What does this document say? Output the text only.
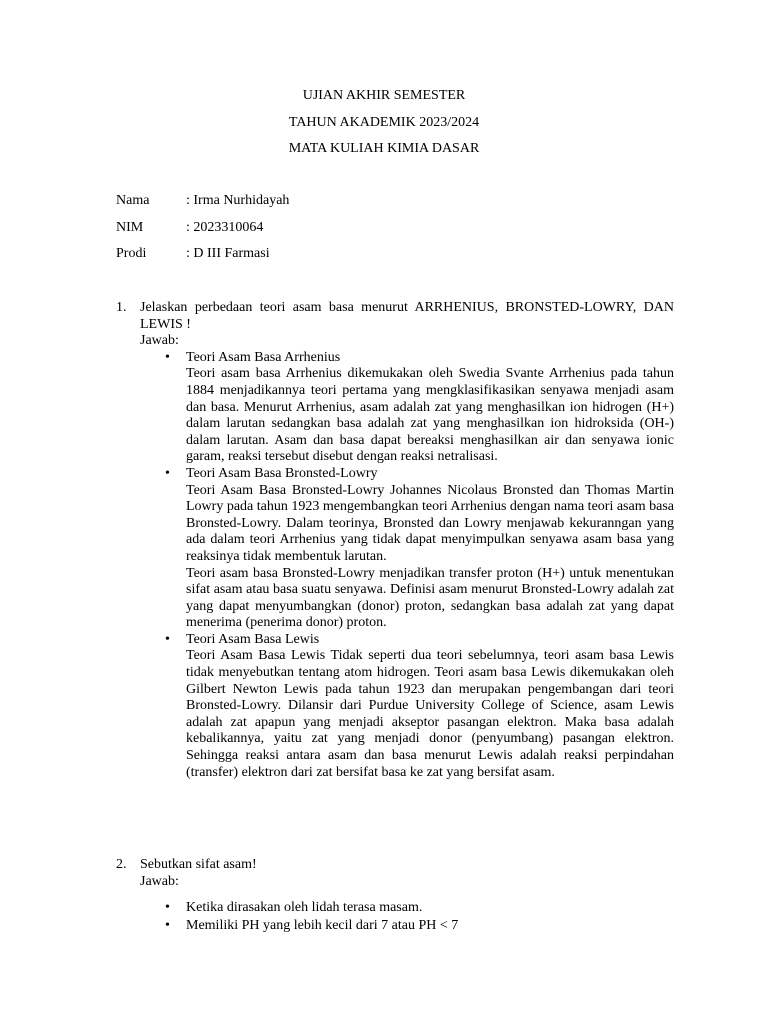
UJIAN AKHIR SEMESTER
TAHUN AKADEMIK 2023/2024
MATA KULIAH KIMIA DASAR
Nama	: Irma Nurhidayah
NIM	: 2023310064
Prodi	: D III Farmasi
1. Jelaskan perbedaan teori asam basa menurut ARRHENIUS, BRONSTED-LOWRY, DAN LEWIS !
Jawab:
• Teori Asam Basa Arrhenius
Teori asam basa Arrhenius dikemukakan oleh Swedia Svante Arrhenius pada tahun 1884 menjadikannya teori pertama yang mengklasifikasikan senyawa menjadi asam dan basa. Menurut Arrhenius, asam adalah zat yang menghasilkan ion hidrogen (H+) dalam larutan sedangkan basa adalah zat yang menghasilkan ion hidroksida (OH-) dalam larutan. Asam dan basa dapat bereaksi menghasilkan air dan senyawa ionic garam, reaksi tersebut disebut dengan reaksi netralisasi.
• Teori Asam Basa Bronsted-Lowry
Teori Asam Basa Bronsted-Lowry Johannes Nicolaus Bronsted dan Thomas Martin Lowry pada tahun 1923 mengembangkan teori Arrhenius dengan nama teori asam basa Bronsted-Lowry. Dalam teorinya, Bronsted dan Lowry menjawab kekuranngan yang ada dalam teori Arrhenius yang tidak dapat menyimpulkan senyawa asam basa yang reaksinya tidak membentuk larutan.
Teori asam basa Bronsted-Lowry menjadikan transfer proton (H+) untuk menentukan sifat asam atau basa suatu senyawa. Definisi asam menurut Bronsted-Lowry adalah zat yang dapat menyumbangkan (donor) proton, sedangkan basa adalah zat yang dapat menerima (penerima donor) proton.
• Teori Asam Basa Lewis
Teori Asam Basa Lewis Tidak seperti dua teori sebelumnya, teori asam basa Lewis tidak menyebutkan tentang atom hidrogen. Teori asam basa Lewis dikemukakan oleh Gilbert Newton Lewis pada tahun 1923 dan merupakan pengembangan dari teori Bronsted-Lowry. Dilansir dari Purdue University College of Science, asam Lewis adalah zat apapun yang menjadi akseptor pasangan elektron. Maka basa adalah kebalikannya, yaitu zat yang menjadi donor (penyumbang) pasangan elektron. Sehingga reaksi antara asam dan basa menurut Lewis adalah reaksi perpindahan (transfer) elektron dari zat bersifat basa ke zat yang bersifat asam.
2. Sebutkan sifat asam!
Jawab:
• Ketika dirasakan oleh lidah terasa masam.
• Memiliki PH yang lebih kecil dari 7 atau PH < 7
